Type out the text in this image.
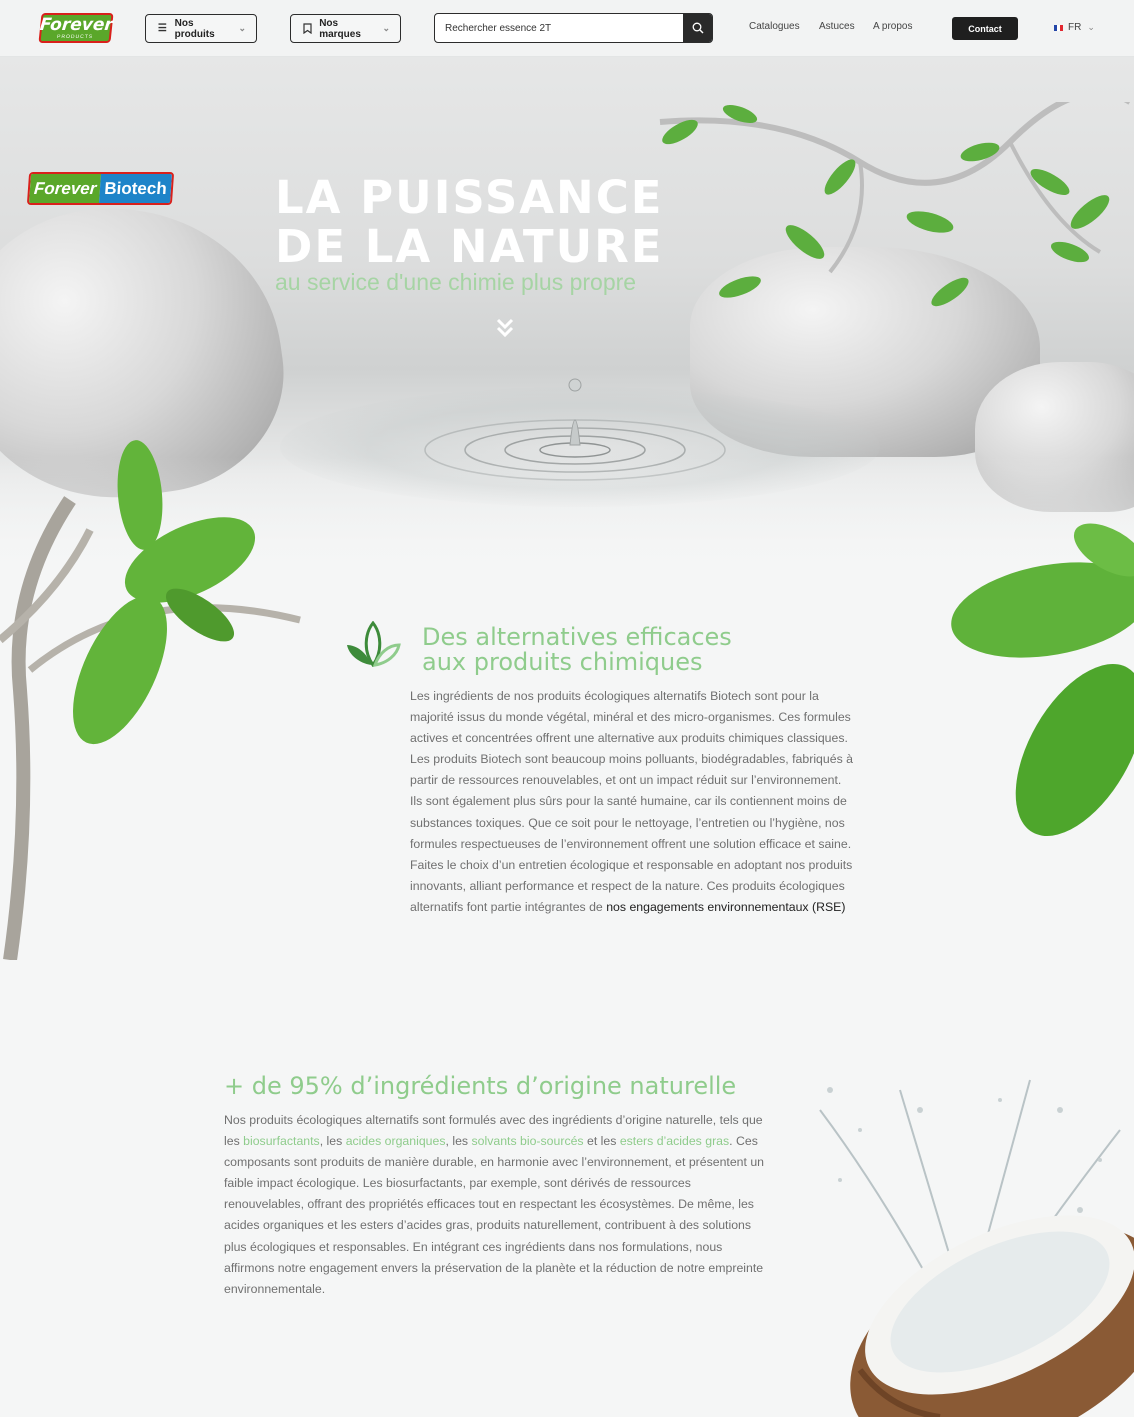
Forever
PRODUCTS
☰ Nos produits
⌄	Nos marques
⌄
Rechercher essence 2T	Catalogues Astuces A propos	Contact	FR ⌄
Forever Biotech LA PUISSANCE
DE LA NATURE
au service d'une chimie plus propre
Des alternatives efficaces
aux produits chimiques
Les ingrédients de nos produits écologiques alternatifs Biotech sont pour la majorité issus du monde végétal, minéral et des micro-organismes. Ces formules actives et concentrées offrent une alternative aux produits chimiques classiques. Les produits Biotech sont beaucoup moins polluants, biodégradables, fabriqués à partir de ressources renouvelables, et ont un impact réduit sur l’environnement. Ils sont également plus sûrs pour la santé humaine, car ils contiennent moins de substances toxiques. Que ce soit pour le nettoyage, l’entretien ou l’hygiène, nos formules respectueuses de l’environnement offrent une solution efficace et saine. Faites le choix d’un entretien écologique et responsable en adoptant nos produits innovants, alliant performance et respect de la nature. Ces produits écologiques alternatifs font partie intégrantes de nos engagements environnementaux (RSE)
+ de 95% d’ingrédients d’origine naturelle
Nos produits écologiques alternatifs sont formulés avec des ingrédients d’origine naturelle, tels que les biosurfactants, les acides organiques, les solvants bio-sourcés et les esters d’acides gras. Ces composants sont produits de manière durable, en harmonie avec l’environnement, et présentent un faible impact écologique. Les biosurfactants, par exemple, sont dérivés de ressources renouvelables, offrant des propriétés efficaces tout en respectant les écosystèmes. De même, les acides organiques et les esters d’acides gras, produits naturellement, contribuent à des solutions plus écologiques et responsables. En intégrant ces ingrédients dans nos formulations, nous affirmons notre engagement envers la préservation de la planète et la réduction de notre empreinte environnementale.
